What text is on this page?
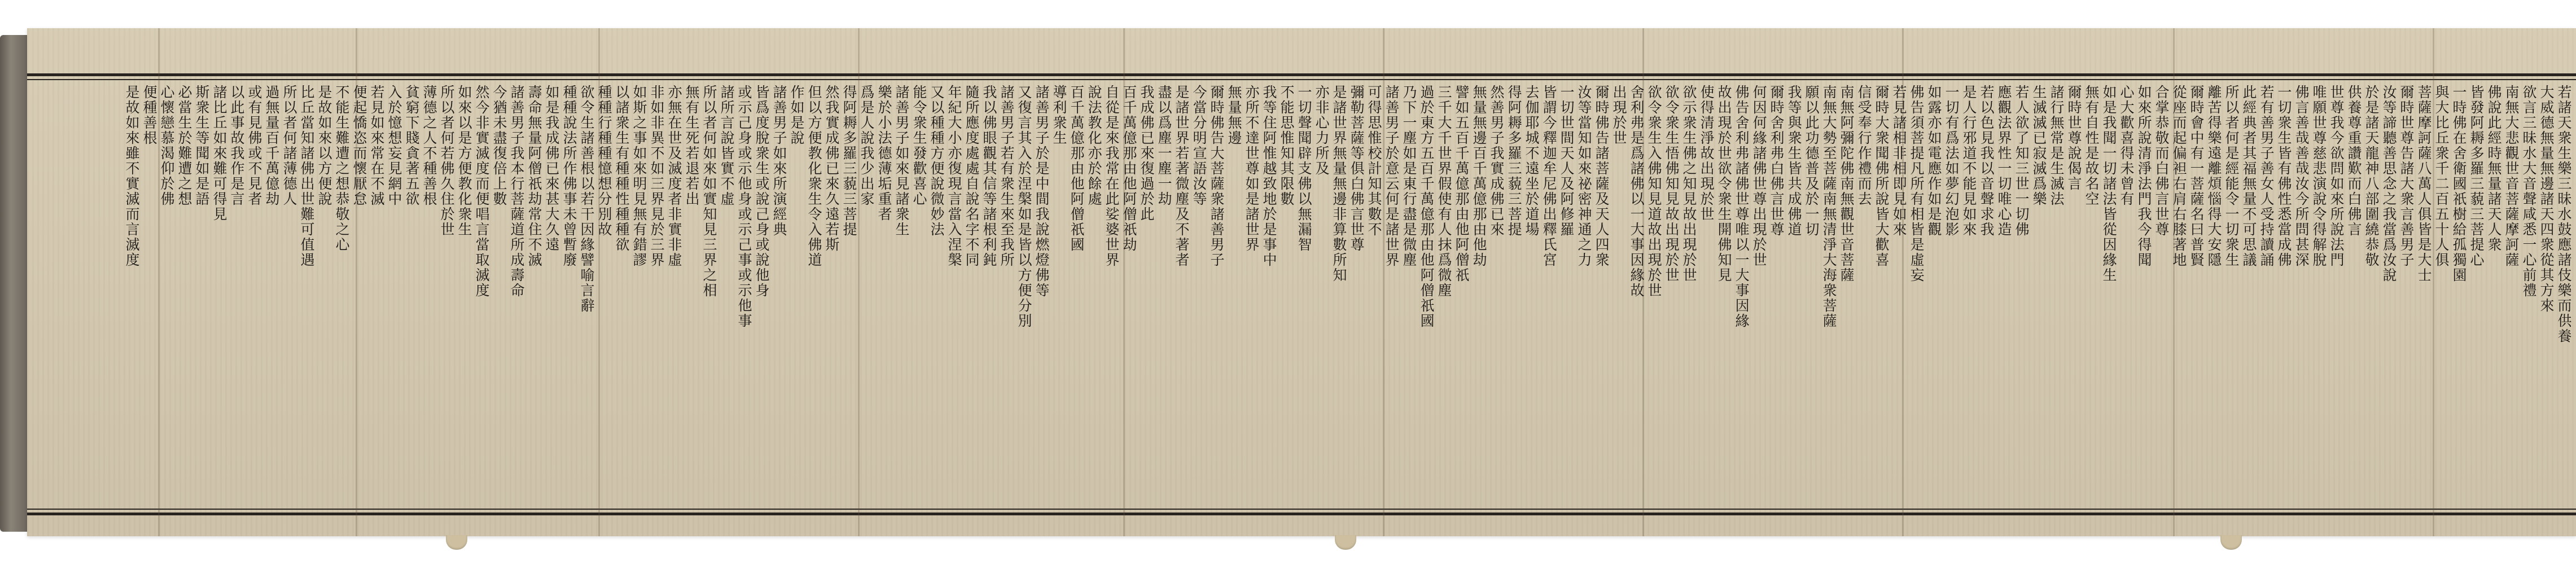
若諸天衆生樂三昧水鼓應諸伎樂而供養
大威德無量無邊諸天四衆從其方來
欲言三昧水大音聲咸悉一心前禮
南無大悲觀世音菩薩摩訶薩
佛說此經時無量諸天人衆
皆發阿耨多羅三藐三菩提心
一時佛在舍衛國祇樹給孤獨園
與大比丘衆千二百五十人俱
菩薩摩訶薩八萬人俱皆是大士
爾時世尊告諸大衆言善男子
汝等諦聽善思念之我當爲汝說
於是諸天龍神八部圍繞恭敬
供養尊重讚歎而白佛言
世尊我今欲問如來所說法門
唯願世尊慈悲演說令得解脫
佛言善哉善哉汝今所問甚深
一切衆生皆有佛性悉當成佛
若有善男子善女人受持讀誦
此經典者其福無量不可思議
所以者何是經能令一切衆生
離苦得樂遠離煩惱得大安隱
爾時會中有一菩薩名曰普賢
從座而起偏袒右肩右膝著地
合掌恭敬而白佛言世尊
如來所說清淨法門我今得聞
心大歡喜得未曾有
如是我聞一切諸法皆從因緣生
無有自性是故名空
爾時世尊說偈言
諸行無常是生滅法
生滅滅已寂滅爲樂
若人欲了知三世一切佛
應觀法界性一切唯心造
若以色見我以音聲求我
是人行邪道不能見如來
一切有爲法如夢幻泡影
如露亦如電應作如是觀
佛告須菩提凡所有相皆是虛妄
若見諸相非相即見如來
爾時大衆聞佛所說皆大歡喜
信受奉行作禮而去
南無阿彌陀佛南無觀世音菩薩
南無大勢至菩薩南無清淨大海衆菩薩
願以此功德普及於一切
我等與衆生皆共成佛道
爾時舍利弗白佛言世尊
何因何緣諸佛世尊出現於世
佛告舍利弗諸佛世尊唯以一大事因緣
故出現於世欲令衆生開佛知見
使得清淨故出現於世
欲示衆生佛之知見故出現於世
欲令衆生悟佛知見故出現於世
欲令衆生入佛知見道故出現於世
舍利弗是爲諸佛以一大事因緣故
出現於世
爾時佛告諸菩薩及天人四衆
汝等當知如來祕密神通之力
一切世間天人及阿修羅
皆謂今釋迦牟尼佛出釋氏宮
去伽耶城不遠坐於道場
得阿耨多羅三藐三菩提
然善男子我實成佛已來
無量無邊百千萬億那由他劫
譬如五百千萬億那由他阿僧祇
三千大千世界假使有人抹爲微塵
過於東方五百千萬億那由他阿僧祇國
乃下一塵如是東行盡是微塵
諸善男子於意云何是諸世界
可得思惟校計知其數不
彌勒菩薩等俱白佛言世尊
是諸世界無量無邊非算數所知
亦非心力所及
一切聲聞辟支佛以無漏智
不能思惟知其限數
我等住阿惟越致地於是事中
亦所不達世尊如是諸世界
無量無邊
爾時佛告大菩薩衆諸善男子
今當分明宣語汝等
是諸世界若著微塵及不著者
盡以爲塵一塵一劫
我成佛已來復過於此
百千萬億那由他阿僧祇劫
自從是來我常在此娑婆世界
說法教化亦於餘處
百千萬億那由他阿僧祇國
導利衆生
諸善男子於是中間我說燃燈佛等
又復言其入於涅槃如是皆以方便分別
諸善男子若有衆生來至我所
我以佛眼觀其信等諸根利鈍
隨所應度處處自說名字不同
年紀大小亦復現言當入涅槃
又以種種方便說微妙法
能令衆生發歡喜心
諸善男子如來見諸衆生
樂於小法德薄垢重者
爲是人說我少出家
得阿耨多羅三藐三菩提
然我實成佛已來久遠若斯
但以方便教化衆生令入佛道
作如是說
諸善男子如來所演經典
皆爲度脫衆生或說己身或說他身
或示己身或示他身或示己事或示他事
諸所言說皆實不虛
所以者何如來如實知見三界之相
無有生死若退若出
亦無在世及滅度者非實非虛
非如非異不如三界見於三界
如斯之事如來明見無有錯謬
以諸衆生有種種性種種欲
種種行種種憶想分別故
欲令生諸善根以若干因緣譬喻言辭
種種說法所作佛事未曾暫廢
如是我成佛已來甚大久遠
壽命無量阿僧祇劫常住不滅
諸善男子我本行菩薩道所成壽命
今猶未盡復倍上數
然今非實滅度而便唱言當取滅度
如來以是方便教化衆生
所以者何若佛久住於世
薄德之人不種善根
貧窮下賤貪著五欲
入於憶想妄見網中
若見如來常在不滅
便起憍恣而懷厭怠
不能生難遭之想恭敬之心
是故如來以方便說
比丘當知諸佛出世難可值遇
所以者何諸薄德人
過無量百千萬億劫
或有見佛或不見者
以此事故我作是言
諸比丘如來難可得見
斯衆生等聞如是語
必當生於難遭之想
心懷戀慕渴仰於佛
便種善根
是故如來雖不實滅而言滅度
